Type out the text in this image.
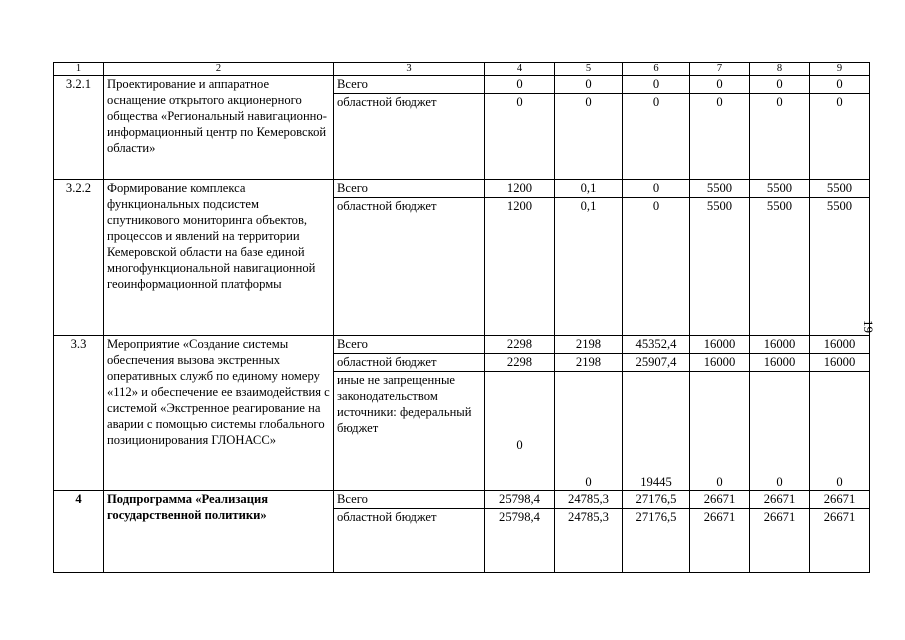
1	2	3	4	5	6	7	8	9
3.2.1	Проектирование и аппаратное оснащение открытого акционерного общества «Региональный навигационно-информационный центр по Кемеровской области»	Всего	0	0	0	0	0	0
		областной бюджет	0	0	0	0	0	0
3.2.2	Формирование комплекса функциональных подсистем спутникового мониторинга объектов, процессов и явлений на территории Кемеровской области на базе единой многофункциональной навигационной геоинформационной платформы	Всего	1200	0,1	0	5500	5500	5500
		областной бюджет	1200	0,1	0	5500	5500	5500
3.3	Мероприятие «Создание системы обеспечения вызова экстренных оперативных служб по единому номеру «112» и обеспечение ее взаимодействия с системой «Экстренное реагирование на аварии с помощью системы глобального позиционирования ГЛОНАСС»	Всего	2298	2198	45352,4	16000	16000	16000
		областной бюджет	2298	2198	25907,4	16000	16000	16000
		иные не запрещенные законодательством источники: федеральный бюджет	0	0	19445	0	0	0
4	Подпрограмма «Реализация государственной политики»	Всего	25798,4	24785,3	27176,5	26671	26671	26671
		областной бюджет	25798,4	24785,3	27176,5	26671	26671	26671
19
